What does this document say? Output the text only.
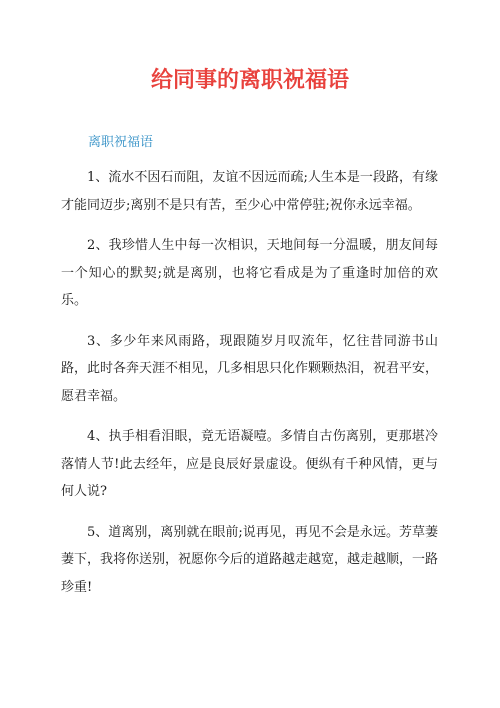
给同事的离职祝福语
离职祝福语

1、流水不因石而阻，友谊不因远而疏;人生本是一段路，有缘才能同迈步;离别不是只有苦，至少心中常停驻;祝你永远幸福。

2、我珍惜人生中每一次相识，天地间每一分温暖，朋友间每一个知心的默契;就是离别，也将它看成是为了重逢时加倍的欢乐。

3、多少年来风雨路，现跟随岁月叹流年，忆往昔同游书山路，此时各奔天涯不相见，几多相思只化作颗颗热泪，祝君平安，愿君幸福。

4、执手相看泪眼，竟无语凝噎。多情自古伤离别，更那堪冷落情人节!此去经年，应是良辰好景虚设。便纵有千种风情，更与何人说?

5、道离别，离别就在眼前;说再见，再见不会是永远。芳草萋萋下，我将你送别，祝愿你今后的道路越走越宽，越走越顺，一路珍重!
